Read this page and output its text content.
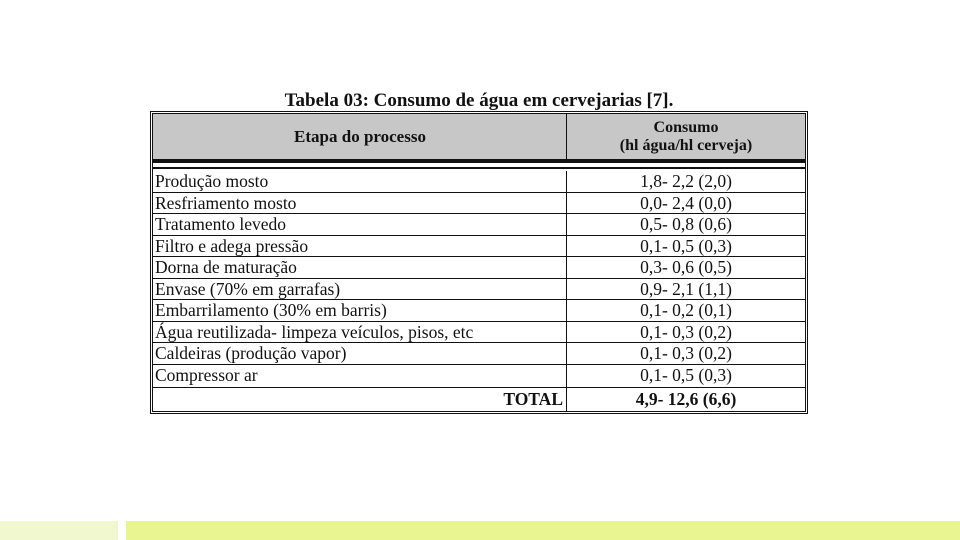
Tabela 03: Consumo de água em cervejarias [7].
Etapa do processo	Consumo
(hl água/hl cerveja)
Produção mosto	1,8- 2,2 (2,0)
Resfriamento mosto	0,0- 2,4 (0,0)
Tratamento levedo	0,5- 0,8 (0,6)
Filtro e adega pressão	0,1- 0,5 (0,3)
Dorna de maturação	0,3- 0,6 (0,5)
Envase (70% em garrafas)	0,9- 2,1 (1,1)
Embarrilamento (30% em barris)	0,1- 0,2 (0,1)
Água reutilizada- limpeza veículos, pisos, etc	0,1- 0,3 (0,2)
Caldeiras (produção vapor)	0,1- 0,3 (0,2)
Compressor ar	0,1- 0,5 (0,3)
TOTAL	4,9- 12,6 (6,6)
